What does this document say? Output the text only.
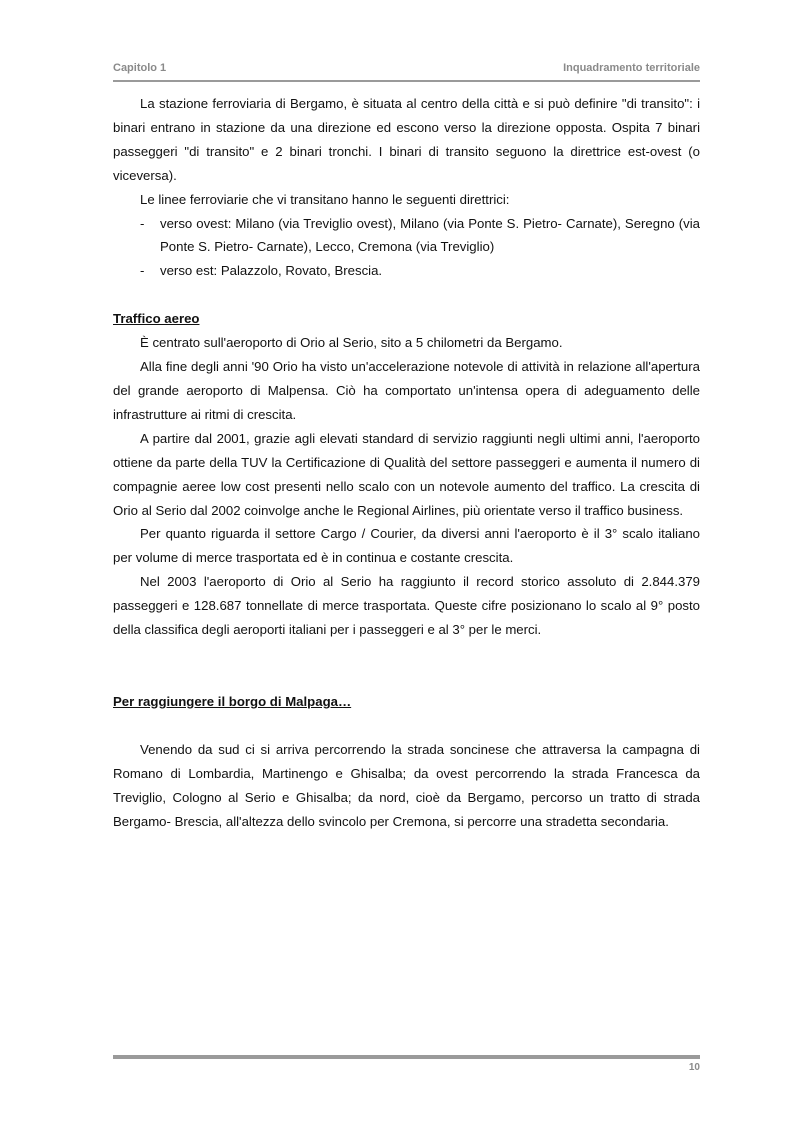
Capitolo 1	Inquadramento territoriale

La stazione ferroviaria di Bergamo, è situata al centro della città e si può definire "di transito": i binari entrano in stazione da una direzione ed escono verso la direzione opposta. Ospita 7 binari passeggeri "di transito" e 2 binari tronchi. I binari di transito seguono la direttrice est-ovest (o viceversa).

Le linee ferroviarie che vi transitano hanno le seguenti direttrici:

- verso ovest: Milano (via Treviglio ovest), Milano (via Ponte S. Pietro- Carnate), Seregno (via Ponte S. Pietro- Carnate), Lecco, Cremona (via Treviglio)
- verso est: Palazzolo, Rovato, Brescia.

Traffico aereo

È centrato sull'aeroporto di Orio al Serio, sito a 5 chilometri da Bergamo.

Alla fine degli anni '90 Orio ha visto un'accelerazione notevole di attività in relazione all'apertura del grande aeroporto di Malpensa. Ciò ha comportato un'intensa opera di adeguamento delle infrastrutture ai ritmi di crescita.

A partire dal 2001, grazie agli elevati standard di servizio raggiunti negli ultimi anni, l'aeroporto ottiene da parte della TUV la Certificazione di Qualità del settore passeggeri e aumenta il numero di compagnie aeree low cost presenti nello scalo con un notevole aumento del traffico. La crescita di Orio al Serio dal 2002 coinvolge anche le Regional Airlines, più orientate verso il traffico business.

Per quanto riguarda il settore Cargo / Courier, da diversi anni l'aeroporto è il 3° scalo italiano per volume di merce trasportata ed è in continua e costante crescita.

Nel 2003 l'aeroporto di Orio al Serio ha raggiunto il record storico assoluto di 2.844.379 passeggeri e 128.687 tonnellate di merce trasportata. Queste cifre posizionano lo scalo al 9° posto della classifica degli aeroporti italiani per i passeggeri e al 3° per le merci.

Per raggiungere il borgo di Malpaga…

Venendo da sud ci si arriva percorrendo la strada soncinese che attraversa la campagna di Romano di Lombardia, Martinengo e Ghisalba; da ovest percorrendo la strada Francesca da Treviglio, Cologno al Serio e Ghisalba; da nord, cioè da Bergamo, percorso un tratto di strada Bergamo- Brescia, all'altezza dello svincolo per Cremona, si percorre una stradetta secondaria.

10
